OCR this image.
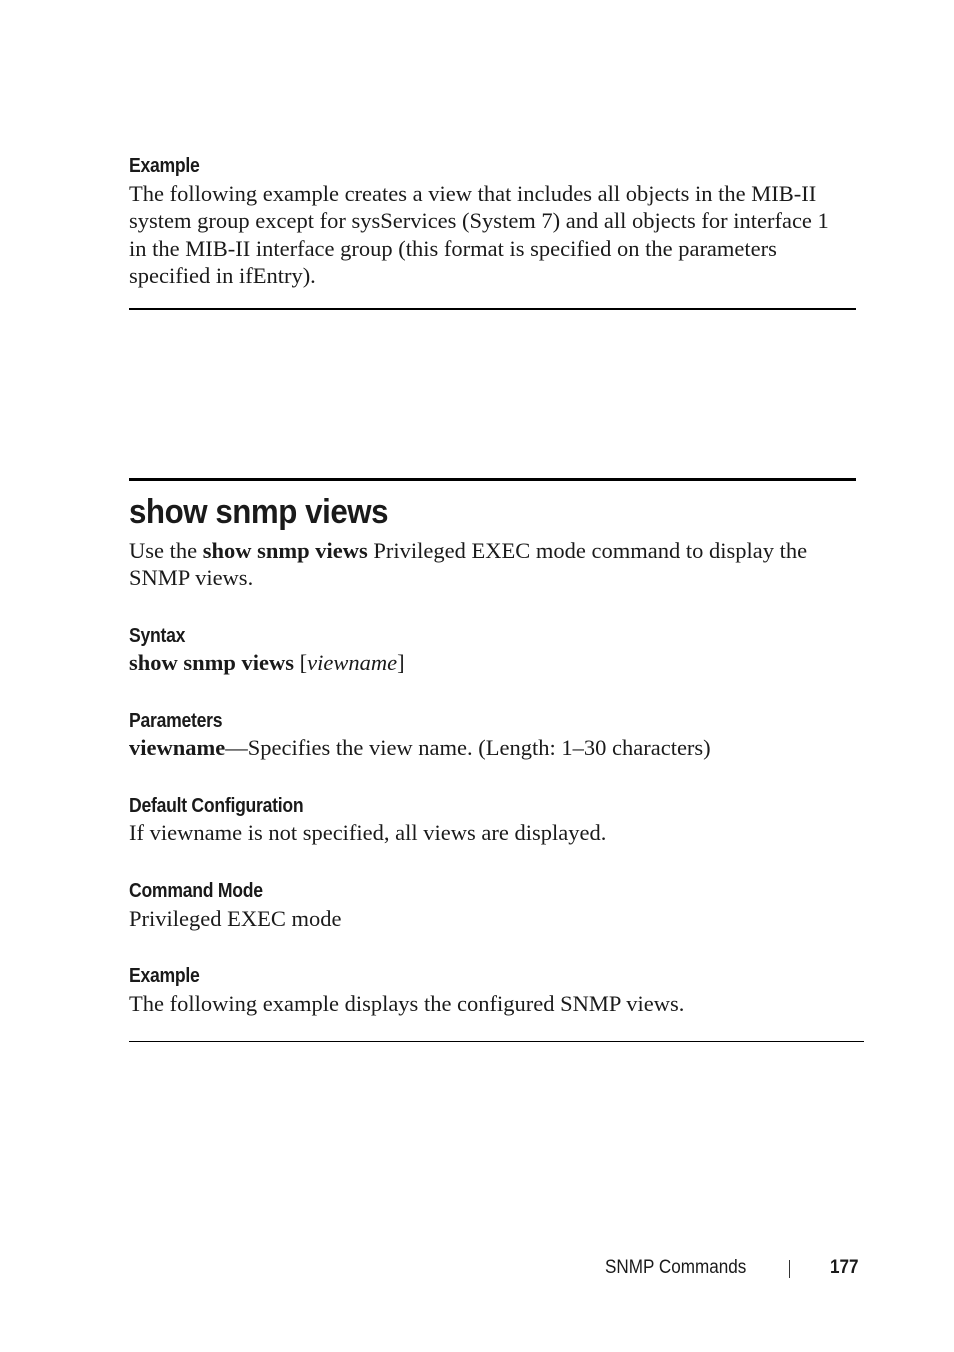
Example
The following example creates a view that includes all objects in the MIB-II
system group except for sysServices (System 7) and all objects for interface 1
in the MIB-II interface group (this format is specified on the parameters
specified in ifEntry).
show snmp views
Use the show snmp views Privileged EXEC mode command to display the
SNMP views.
Syntax
show snmp views [viewname]
Parameters
viewname—Specifies the view name. (Length: 1–30 characters)
Default Configuration
If viewname is not specified, all views are displayed.
Command Mode
Privileged EXEC mode
Example
The following example displays the configured SNMP views.
SNMP Commands	177
